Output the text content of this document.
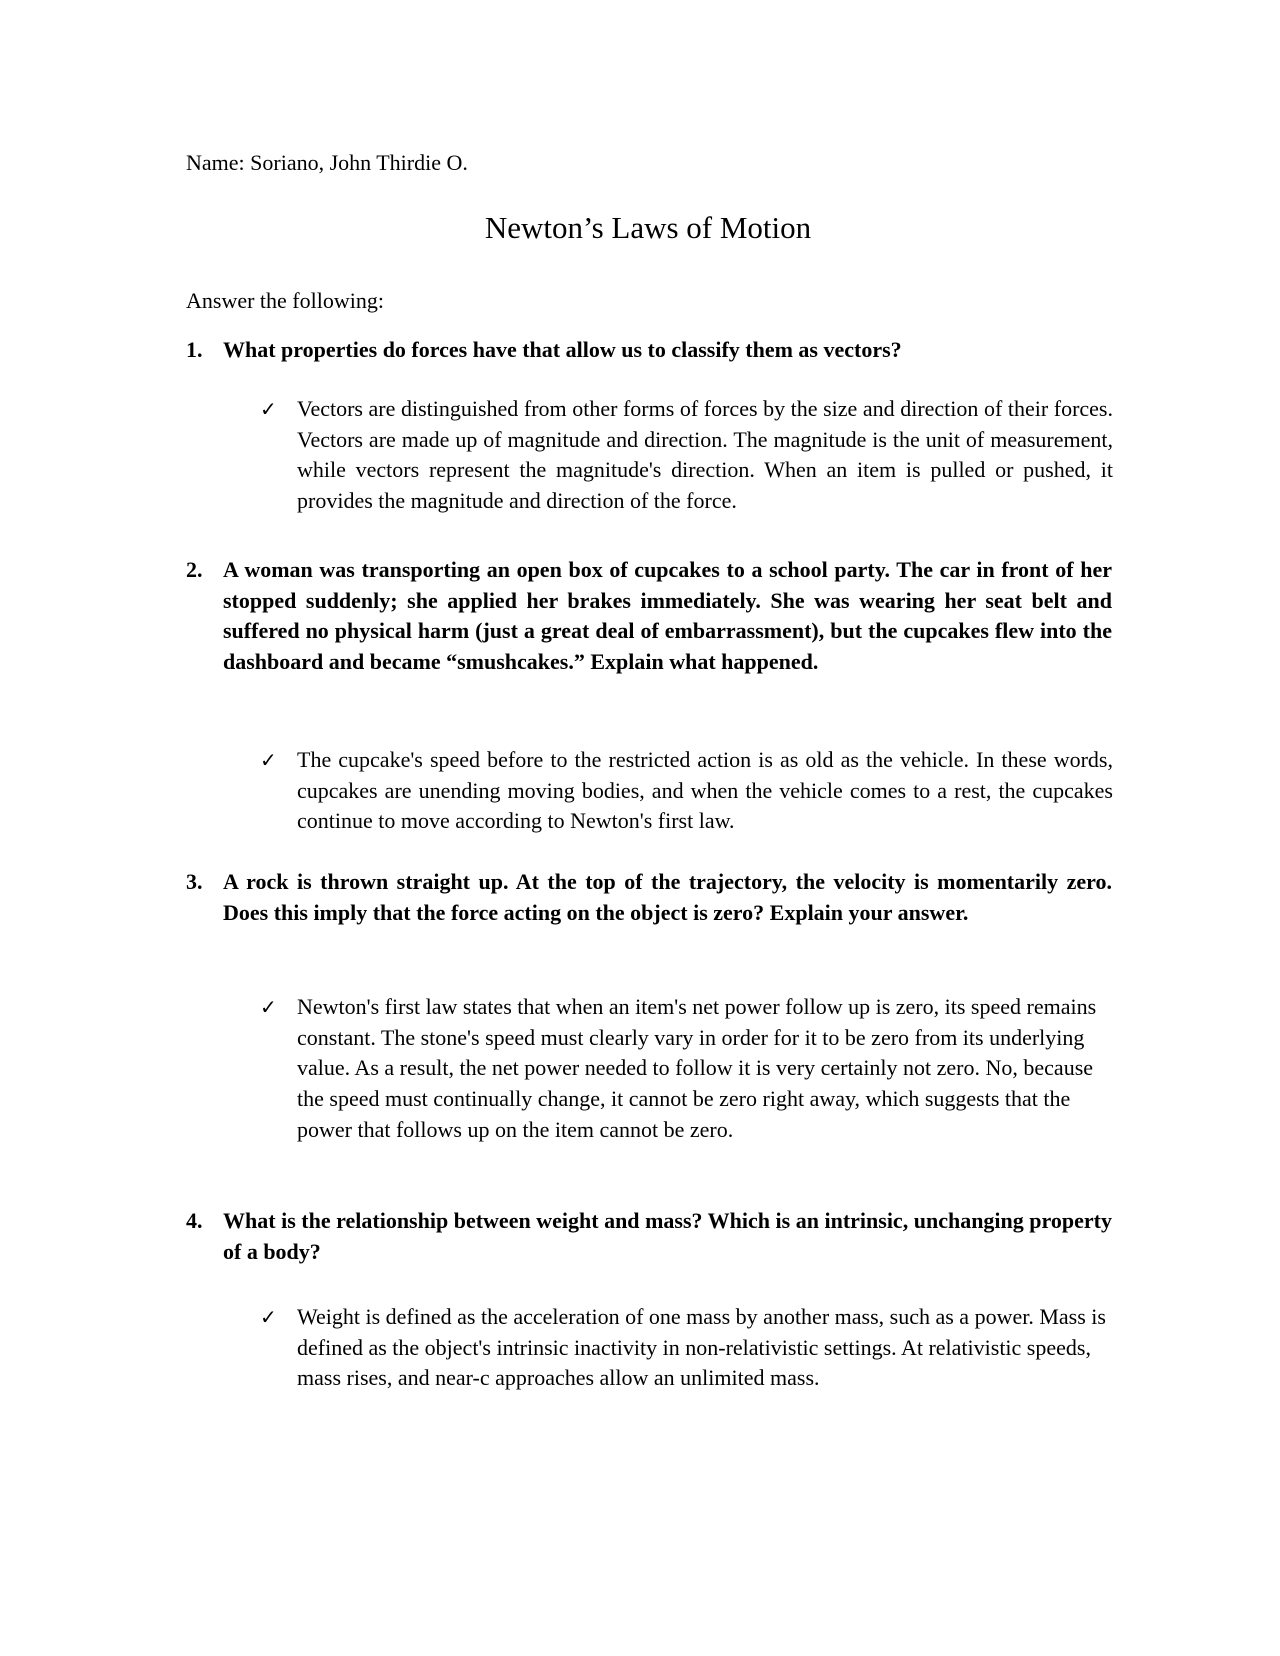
Name: Soriano, John Thirdie O.
Newton’s Laws of Motion
Answer the following:
1. What properties do forces have that allow us to classify them as vectors?
✓ Vectors are distinguished from other forms of forces by the size and direction of their forces. Vectors are made up of magnitude and direction. The magnitude is the unit of measurement, while vectors represent the magnitude's direction. When an item is pulled or pushed, it provides the magnitude and direction of the force.
2. A woman was transporting an open box of cupcakes to a school party. The car in front of her stopped suddenly; she applied her brakes immediately. She was wearing her seat belt and suffered no physical harm (just a great deal of embarrassment), but the cupcakes flew into the dashboard and became “smushcakes.” Explain what happened.
✓ The cupcake's speed before to the restricted action is as old as the vehicle. In these words, cupcakes are unending moving bodies, and when the vehicle comes to a rest, the cupcakes continue to move according to Newton's first law.
3. A rock is thrown straight up. At the top of the trajectory, the velocity is momentarily zero. Does this imply that the force acting on the object is zero? Explain your answer.
✓ Newton's first law states that when an item's net power follow up is zero, its speed remains constant. The stone's speed must clearly vary in order for it to be zero from its underlying value. As a result, the net power needed to follow it is very certainly not zero. No, because the speed must continually change, it cannot be zero right away, which suggests that the power that follows up on the item cannot be zero.
4. What is the relationship between weight and mass? Which is an intrinsic, unchanging property of a body?
✓ Weight is defined as the acceleration of one mass by another mass, such as a power. Mass is defined as the object's intrinsic inactivity in non-relativistic settings. At relativistic speeds, mass rises, and near-c approaches allow an unlimited mass.
